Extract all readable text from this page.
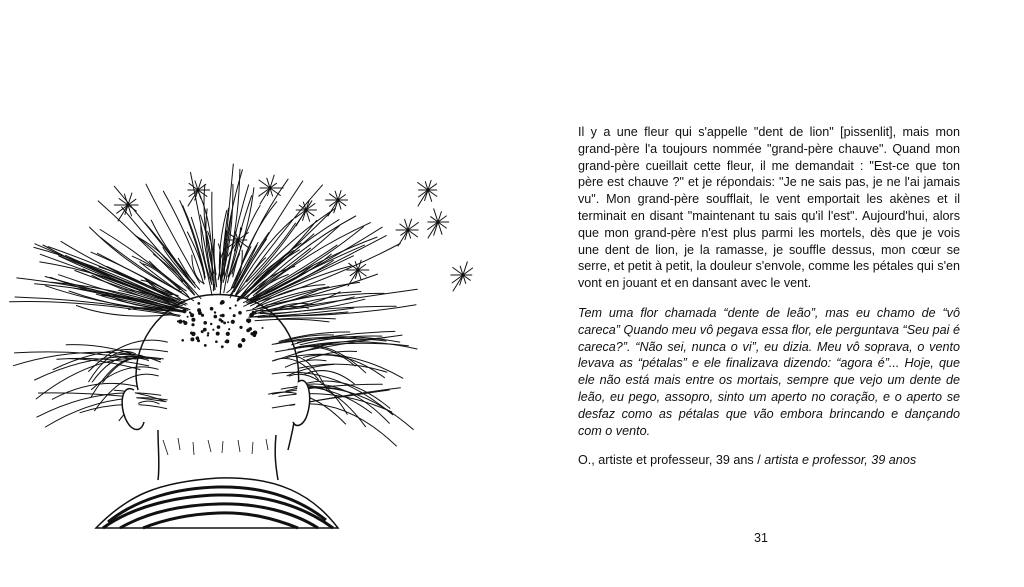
Il y a une fleur qui s'appelle "dent de lion" [pissenlit], mais mon grand-père l'a toujours nommée "grand-père chauve". Quand mon grand-père cueillait cette fleur, il me demandait : "Est-ce que ton père est chauve ?" et je répondais: "Je ne sais pas, je ne l'ai jamais vu". Mon grand-père soufflait, le vent emportait les akènes et il terminait en disant "maintenant tu sais qu'il l'est". Aujourd'hui, alors que mon grand-père n'est plus parmi les mortels, dès que je vois une dent de lion, je la ramasse, je souffle dessus, mon cœur se serre, et petit à petit, la douleur s'envole, comme les pétales qui s'en vont en jouant et en dansant avec le vent.

Tem uma flor chamada “dente de leão”, mas eu chamo de “vô careca” Quando meu vô pegava essa flor, ele perguntava “Seu pai é careca?”. “Não sei, nunca o vi”, eu dizia. Meu vô soprava, o vento levava as “pétalas” e ele finalizava dizendo: “agora é”... Hoje, que ele não está mais entre os mortais, sempre que vejo um dente de leão, eu pego, assopro, sinto um aperto no coração, e o aperto se desfaz como as pétalas que vão embora brincando e dançando com o vento.

O., artiste et professeur, 39 ans / artista e professor, 39 anos

31
